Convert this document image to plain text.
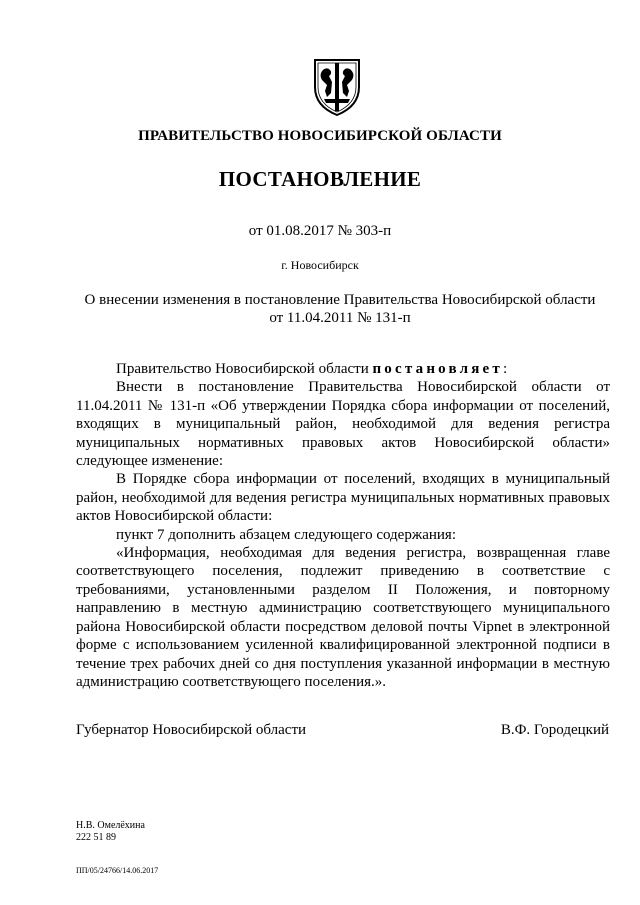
ПРАВИТЕЛЬСТВО НОВОСИБИРСКОЙ ОБЛАСТИ
ПОСТАНОВЛЕНИЕ
от 01.08.2017 № 303-п
г. Новосибирск
О внесении изменения в постановление Правительства Новосибирской области
от 11.04.2011 № 131-п

Правительство Новосибирской области постановляет:

Внести в постановление Правительства Новосибирской области от 11.04.2011 № 131-п «Об утверждении Порядка сбора информации от поселений, входящих в муниципальный район, необходимой для ведения регистра муниципальных нормативных правовых актов Новосибирской области» следующее изменение:

В Порядке сбора информации от поселений, входящих в муниципальный район, необходимой для ведения регистра муниципальных нормативных правовых актов Новосибирской области:

пункт 7 дополнить абзацем следующего содержания:

«Информация, необходимая для ведения регистра, возвращенная главе соответствующего поселения, подлежит приведению в соответствие с требованиями, установленными разделом II Положения, и повторному направлению в местную администрацию соответствующего муниципального района Новосибирской области посредством деловой почты Vipnet в электронной форме с использованием усиленной квалифицированной электронной подписи в течение трех рабочих дней со дня поступления указанной информации в местную администрацию соответствующего поселения.».

Губернатор Новосибирской области	В.Ф. Городецкий
Н.В. Омелёхина
222 51 89
ПП/05/24766/14.06.2017
